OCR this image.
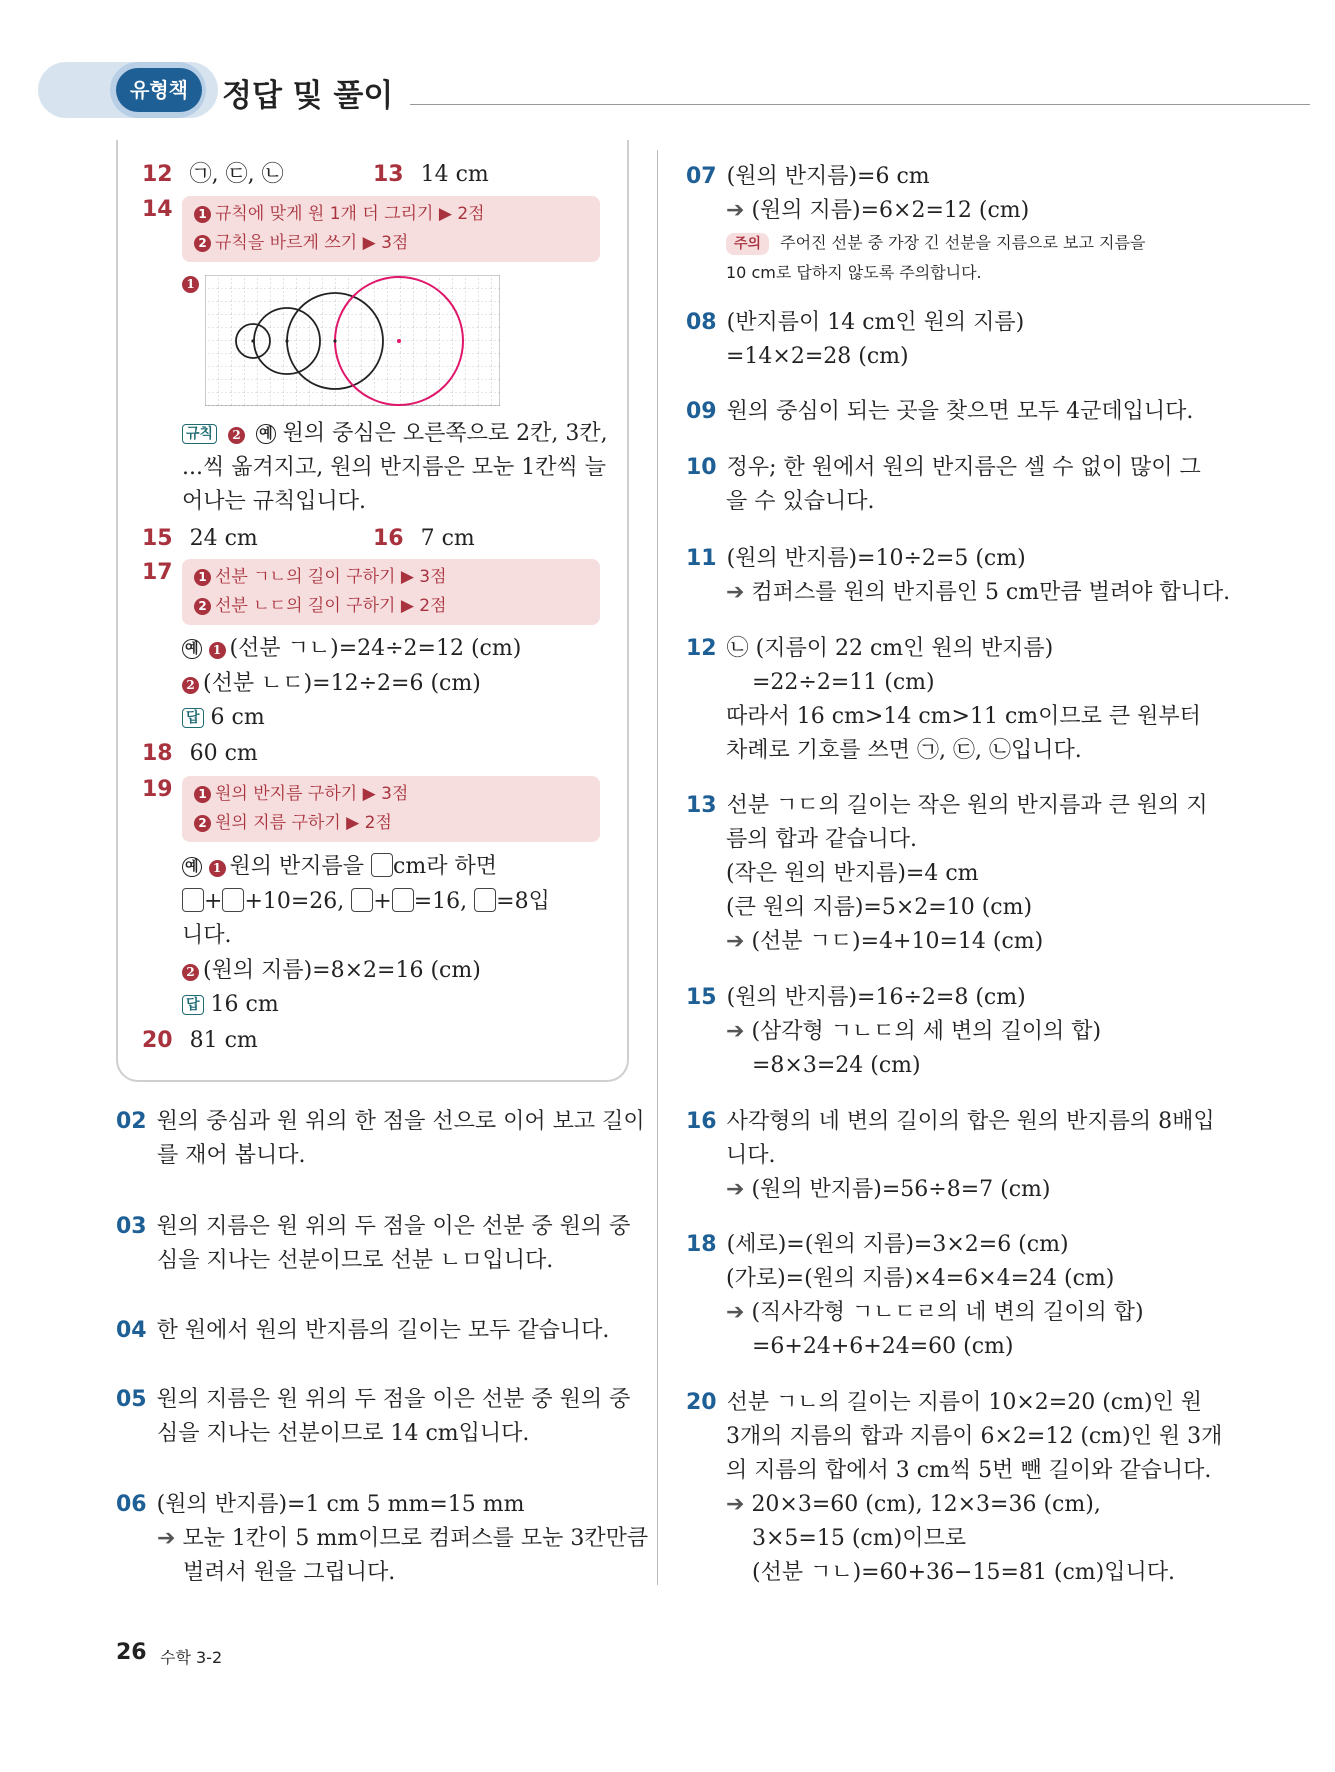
유형책	정답 및 풀이
12 ㉠, ㉢, ㉡	13 14 cm
14	1 규칙에 맞게 원 1개 더 그리기 ▶ 2점
2 규칙을 바르게 쓰기 ▶ 3점
1
규칙 2 예 원의 중심은 오른쪽으로 2칸, 3칸,
...씩 옮겨지고, 원의 반지름은 모눈 1칸씩 늘
어나는 규칙입니다.
15 24 cm	16 7 cm
17	1 선분 ㄱㄴ의 길이 구하기 ▶ 3점
2 선분 ㄴㄷ의 길이 구하기 ▶ 2점
예 1 (선분 ㄱㄴ)=24÷2=12 (cm)
2 (선분 ㄴㄷ)=12÷2=6 (cm)
답 6 cm
18 60 cm
19	1 원의 반지름 구하기 ▶ 3점
2 원의 지름 구하기 ▶ 2점
예 1 원의 반지름을 cm라 하면
+ +10=26, + =16, =8입
니다.
2 (원의 지름)=8×2=16 (cm)
답 16 cm
20 81 cm
02 원의 중심과 원 위의 한 점을 선으로 이어 보고 길이
를 재어 봅니다.
03 원의 지름은 원 위의 두 점을 이은 선분 중 원의 중
심을 지나는 선분이므로 선분 ㄴㅁ입니다.
04 한 원에서 원의 반지름의 길이는 모두 같습니다.
05 원의 지름은 원 위의 두 점을 이은 선분 중 원의 중
심을 지나는 선분이므로 14 cm입니다.
06 (원의 반지름)=1 cm 5 mm=15 mm
➔ 모눈 1칸이 5 mm이므로 컴퍼스를 모눈 3칸만큼
벌려서 원을 그립니다.
07 (원의 반지름)=6 cm
➔ (원의 지름)=6×2=12 (cm)
주의 주어진 선분 중 가장 긴 선분을 지름으로 보고 지름을
10 cm로 답하지 않도록 주의합니다.
08 (반지름이 14 cm인 원의 지름)
=14×2=28 (cm)
09 원의 중심이 되는 곳을 찾으면 모두 4군데입니다.
10 정우; 한 원에서 원의 반지름은 셀 수 없이 많이 그
을 수 있습니다.
11 (원의 반지름)=10÷2=5 (cm)
➔ 컴퍼스를 원의 반지름인 5 cm만큼 벌려야 합니다.
12 ㉡ (지름이 22 cm인 원의 반지름)
=22÷2=11 (cm)
따라서 16 cm>14 cm>11 cm이므로 큰 원부터
차례로 기호를 쓰면 ㉠, ㉢, ㉡입니다.
13 선분 ㄱㄷ의 길이는 작은 원의 반지름과 큰 원의 지
름의 합과 같습니다.
(작은 원의 반지름)=4 cm
(큰 원의 지름)=5×2=10 (cm)
➔ (선분 ㄱㄷ)=4+10=14 (cm)
15 (원의 반지름)=16÷2=8 (cm)
➔ (삼각형 ㄱㄴㄷ의 세 변의 길이의 합)
=8×3=24 (cm)
16 사각형의 네 변의 길이의 합은 원의 반지름의 8배입
니다.
➔ (원의 반지름)=56÷8=7 (cm)
18 (세로)=(원의 지름)=3×2=6 (cm)
(가로)=(원의 지름)×4=6×4=24 (cm)
➔ (직사각형 ㄱㄴㄷㄹ의 네 변의 길이의 합)
=6+24+6+24=60 (cm)
20 선분 ㄱㄴ의 길이는 지름이 10×2=20 (cm)인 원
3개의 지름의 합과 지름이 6×2=12 (cm)인 원 3개
의 지름의 합에서 3 cm씩 5번 뺀 길이와 같습니다.
➔ 20×3=60 (cm), 12×3=36 (cm),
3×5=15 (cm)이므로
(선분 ㄱㄴ)=60+36−15=81 (cm)입니다.
26 수학 3-2
